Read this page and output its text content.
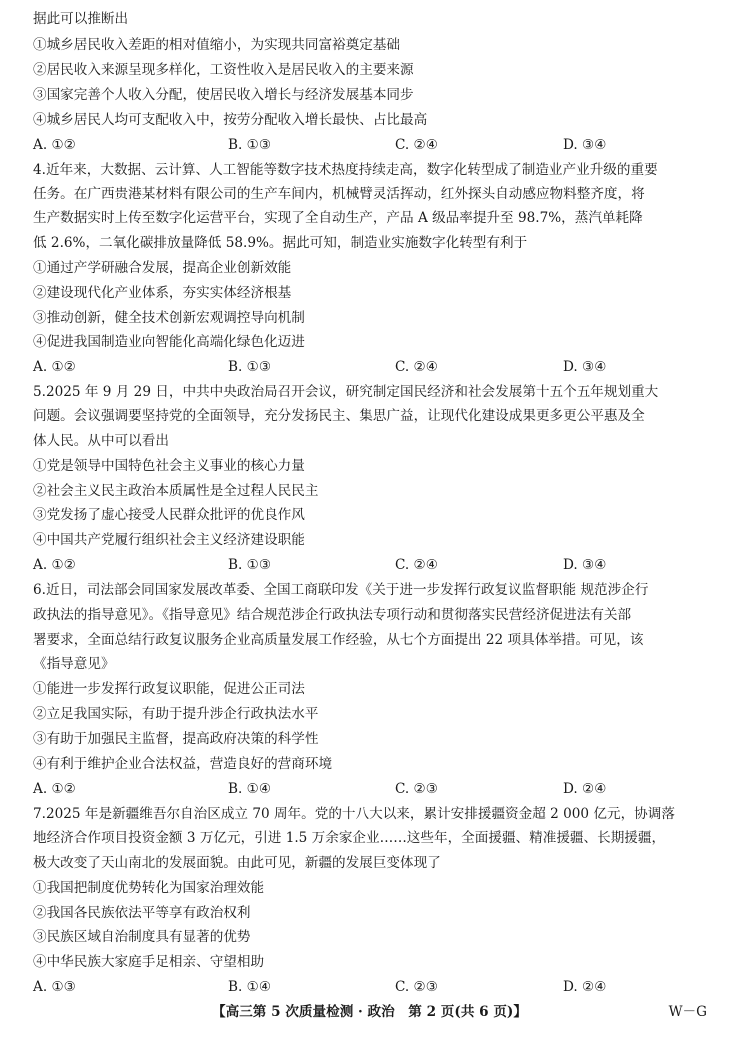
据此可以推断出
①城乡居民收入差距的相对值缩小，为实现共同富裕奠定基础
②居民收入来源呈现多样化，工资性收入是居民收入的主要来源
③国家完善个人收入分配，使居民收入增长与经济发展基本同步
④城乡居民人均可支配收入中，按劳分配收入增长最快、占比最高
A. ①②	B. ①③	C. ②④	D. ③④
4.近年来，大数据、云计算、人工智能等数字技术热度持续走高，数字化转型成了制造业产业升级的重要
任务。在广西贵港某材料有限公司的生产车间内，机械臂灵活挥动，红外探头自动感应物料整齐度，将
生产数据实时上传至数字化运营平台，实现了全自动生产，产品 A 级品率提升至 98.7%，蒸汽单耗降
低 2.6%，二氧化碳排放量降低 58.9%。据此可知，制造业实施数字化转型有利于
①通过产学研融合发展，提高企业创新效能
②建设现代化产业体系，夯实实体经济根基
③推动创新，健全技术创新宏观调控导向机制
④促进我国制造业向智能化高端化绿色化迈进
A. ①②	B. ①③	C. ②④	D. ③④
5.2025 年 9 月 29 日，中共中央政治局召开会议，研究制定国民经济和社会发展第十五个五年规划重大
问题。会议强调要坚持党的全面领导，充分发扬民主、集思广益，让现代化建设成果更多更公平惠及全
体人民。从中可以看出
①党是领导中国特色社会主义事业的核心力量
②社会主义民主政治本质属性是全过程人民民主
③党发扬了虚心接受人民群众批评的优良作风
④中国共产党履行组织社会主义经济建设职能
A. ①②	B. ①③	C. ②④	D. ③④
6.近日，司法部会同国家发展改革委、全国工商联印发《关于进一步发挥行政复议监督职能 规范涉企行
政执法的指导意见》。《指导意见》结合规范涉企行政执法专项行动和贯彻落实民营经济促进法有关部
署要求，全面总结行政复议服务企业高质量发展工作经验，从七个方面提出 22 项具体举措。可见，该
《指导意见》
①能进一步发挥行政复议职能，促进公正司法
②立足我国实际，有助于提升涉企行政执法水平
③有助于加强民主监督，提高政府决策的科学性
④有利于维护企业合法权益，营造良好的营商环境
A. ①②	B. ①④	C. ②③	D. ②④
7.2025 年是新疆维吾尔自治区成立 70 周年。党的十八大以来，累计安排援疆资金超 2 000 亿元，协调落
地经济合作项目投资金额 3 万亿元，引进 1.5 万余家企业……这些年，全面援疆、精准援疆、长期援疆，
极大改变了天山南北的发展面貌。由此可见，新疆的发展巨变体现了
①我国把制度优势转化为国家治理效能
②我国各民族依法平等享有政治权利
③民族区域自治制度具有显著的优势
④中华民族大家庭手足相亲、守望相助
A. ①③	B. ①④	C. ②③	D. ②④
【高三第 5 次质量检测 · 政治　第 2 页(共 6 页)】	W－G
